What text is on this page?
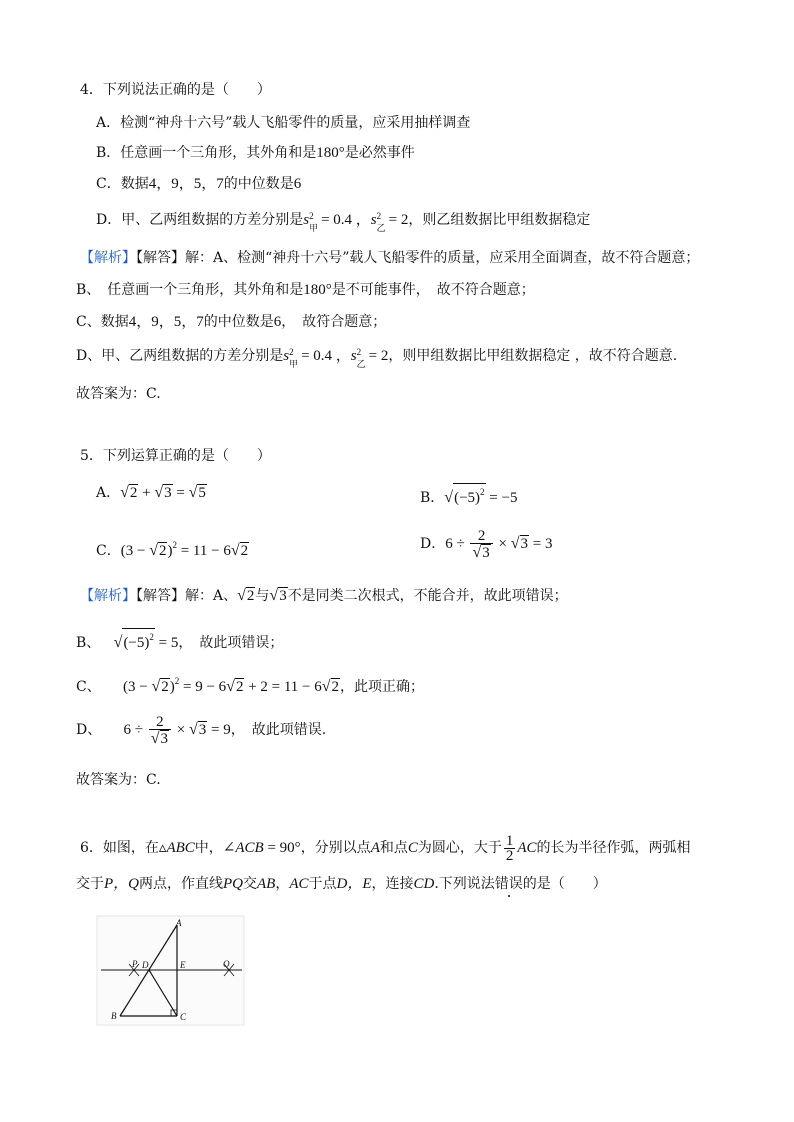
4．下列说法正确的是（　　）
A．检测“神舟十六号”载人飞船零件的质量，应采用抽样调查
B．任意画一个三角形，其外角和是180°是必然事件
C．数据4，9，5，7的中位数是6
D．甲、乙两组数据的方差分别是s 2
甲 = 0.4 ，s 2
乙 = 2，则乙组数据比甲组数据稳定
【解析】【解答】解：A、检测“神舟十六号”载人飞船零件的质量，应采用全面调查，故不符合题意；
B、　任意画一个三角形，其外角和是180°是不可能事件，　故不符合题意；
C、数据4，9，5，7的中位数是6，　故符合题意；
D、甲、乙两组数据的方差分别是s 2
甲 = 0.4 ，s 2
乙 = 2，则甲组数据比甲组数据稳定 ，故不符合题意.
故答案为：C.
5．下列运算正确的是（　　）
A．√2 + √3 = √5	B．$√(-5)^2 = -5$
C．$(3 - √2)^2 = 11 - 6√2$	D．$6 \div \frac{2}{√3} \times √3 = 3$
【解析】【解答】解：A、√2与√3不是同类二次根式，不能合并，故此项错误；
B、 $√(-5)^2 = 5$，　故此项错误；
C、 $(3 - √2)^2 = 9 - 6√2 + 2 = 11 - 6√2$，此项正确；
D、 $6 \div \frac{2}{√3} \times √3 = 9$，　故此项错误.
故答案为：C.
6．如图，在▵ABC中，∠ACB = 90°，分别以点A和点C为圆心，大于 $\frac{1}{2}$ AC的长为半径作弧，两弧相
交于P，Q两点，作直线PQ交AB，AC于点D，E，连接CD.下列说法错误的是（　　）
A
B	C
D	E
P	Q
